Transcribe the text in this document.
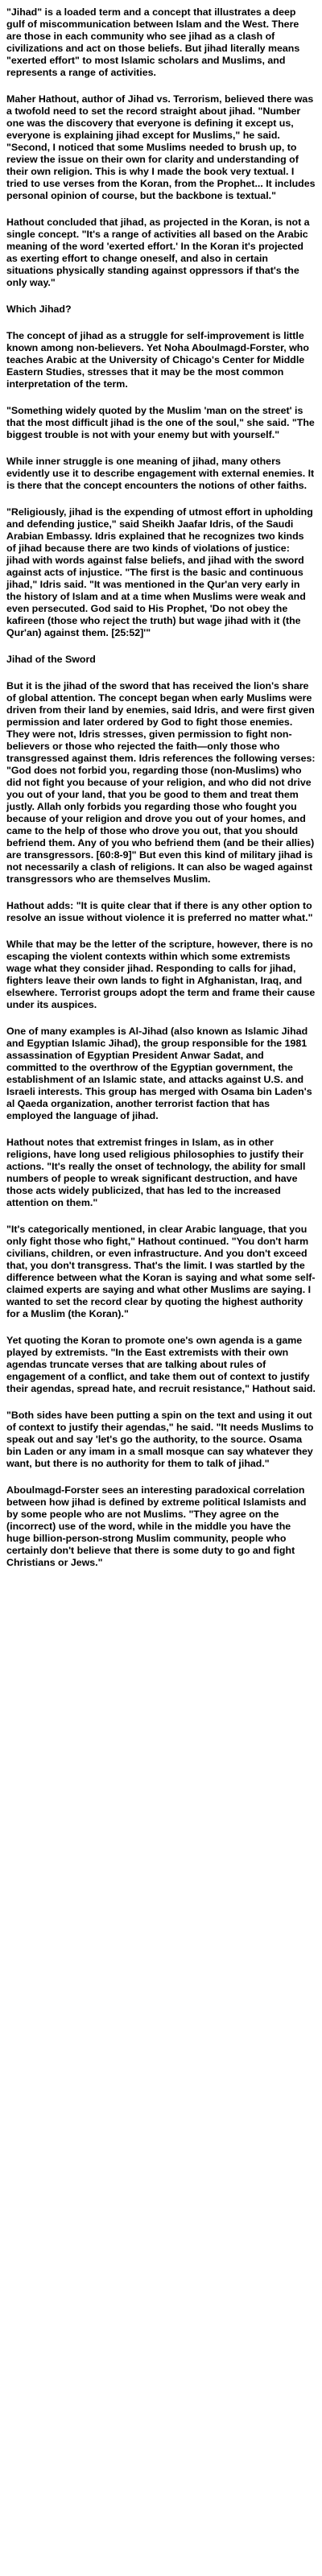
"Jihad" is a loaded term and a concept that illustrates a deep gulf of miscommunication between Islam and the West. There are those in each community who see jihad as a clash of civilizations and act on those beliefs. But jihad literally means "exerted effort" to most Islamic scholars and Muslims, and represents a range of activities.

Maher Hathout, author of Jihad vs. Terrorism, believed there was a twofold need to set the record straight about jihad. "Number one was the discovery that everyone is defining it except us, everyone is explaining jihad except for Muslims," he said. "Second, I noticed that some Muslims needed to brush up, to review the issue on their own for clarity and understanding of their own religion. This is why I made the book very textual. I tried to use verses from the Koran, from the Prophet... It includes personal opinion of course, but the backbone is textual."

Hathout concluded that jihad, as projected in the Koran, is not a single concept. "It's a range of activities all based on the Arabic meaning of the word 'exerted effort.' In the Koran it's projected as exerting effort to change oneself, and also in certain situations physically standing against oppressors if that's the only way."

Which Jihad?

The concept of jihad as a struggle for self-improvement is little known among non-believers. Yet Noha Aboulmagd-Forster, who teaches Arabic at the University of Chicago's Center for Middle Eastern Studies, stresses that it may be the most common interpretation of the term.

"Something widely quoted by the Muslim 'man on the street' is that the most difficult jihad is the one of the soul," she said. "The biggest trouble is not with your enemy but with yourself."

While inner struggle is one meaning of jihad, many others evidently use it to describe engagement with external enemies. It is there that the concept encounters the notions of other faiths.

"Religiously, jihad is the expending of utmost effort in upholding and defending justice," said Sheikh Jaafar Idris, of the Saudi Arabian Embassy. Idris explained that he recognizes two kinds of jihad because there are two kinds of violations of justice: jihad with words against false beliefs, and jihad with the sword against acts of injustice. "The first is the basic and continuous jihad," Idris said. "It was mentioned in the Qur'an very early in the history of Islam and at a time when Muslims were weak and even persecuted. God said to His Prophet, 'Do not obey the kafireen (those who reject the truth) but wage jihad with it (the Qur'an) against them. [25:52]'"

Jihad of the Sword

But it is the jihad of the sword that has received the lion's share of global attention. The concept began when early Muslims were driven from their land by enemies, said Idris, and were first given permission and later ordered by God to fight those enemies. They were not, Idris stresses, given permission to fight non-believers or those who rejected the faith—only those who transgressed against them. Idris references the following verses: "God does not forbid you, regarding those (non-Muslims) who did not fight you because of your religion, and who did not drive you out of your land, that you be good to them and treat them justly. Allah only forbids you regarding those who fought you because of your religion and drove you out of your homes, and came to the help of those who drove you out, that you should befriend them. Any of you who befriend them (and be their allies) are transgressors. [60:8-9]" But even this kind of military jihad is not necessarily a clash of religions. It can also be waged against transgressors who are themselves Muslim.

Hathout adds: "It is quite clear that if there is any other option to resolve an issue without violence it is preferred no matter what."

While that may be the letter of the scripture, however, there is no escaping the violent contexts within which some extremists wage what they consider jihad. Responding to calls for jihad, fighters leave their own lands to fight in Afghanistan, Iraq, and elsewhere. Terrorist groups adopt the term and frame their cause under its auspices.

One of many examples is Al-Jihad (also known as Islamic Jihad and Egyptian Islamic Jihad), the group responsible for the 1981 assassination of Egyptian President Anwar Sadat, and committed to the overthrow of the Egyptian government, the establishment of an Islamic state, and attacks against U.S. and Israeli interests. This group has merged with Osama bin Laden's al Qaeda organization, another terrorist faction that has employed the language of jihad.

Hathout notes that extremist fringes in Islam, as in other religions, have long used religious philosophies to justify their actions. "It's really the onset of technology, the ability for small numbers of people to wreak significant destruction, and have those acts widely publicized, that has led to the increased attention on them."

"It's categorically mentioned, in clear Arabic language, that you only fight those who fight," Hathout continued. "You don't harm civilians, children, or even infrastructure. And you don't exceed that, you don't transgress. That's the limit. I was startled by the difference between what the Koran is saying and what some self-claimed experts are saying and what other Muslims are saying. I wanted to set the record clear by quoting the highest authority for a Muslim (the Koran)."

Yet quoting the Koran to promote one's own agenda is a game played by extremists. "In the East extremists with their own agendas truncate verses that are talking about rules of engagement of a conflict, and take them out of context to justify their agendas, spread hate, and recruit resistance," Hathout said.

"Both sides have been putting a spin on the text and using it out of context to justify their agendas," he said. "It needs Muslims to speak out and say 'let's go the authority, to the source. Osama bin Laden or any imam in a small mosque can say whatever they want, but there is no authority for them to talk of jihad."

Aboulmagd-Forster sees an interesting paradoxical correlation between how jihad is defined by extreme political Islamists and by some people who are not Muslims. "They agree on the (incorrect) use of the word, while in the middle you have the huge billion-person-strong Muslim community, people who certainly don't believe that there is some duty to go and fight Christians or Jews."
